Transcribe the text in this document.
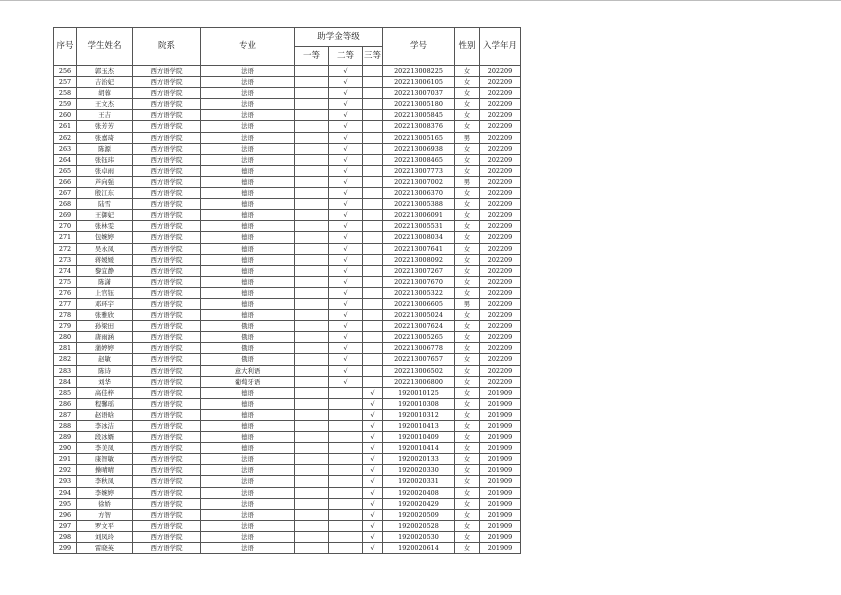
序号	学生姓名	院系	专业	助学金等级			学号	性别	入学年月
				一等	二等	三等			
256	郭玉杰	西方语学院	法语		√		202213008225	女	202209
257	吉治妃	西方语学院	法语		√		202213006105	女	202209
258	胡蓉	西方语学院	法语		√		202213007037	女	202209
259	王文杰	西方语学院	法语		√		202213005180	女	202209
260	王吉	西方语学院	法语		√		202213005845	女	202209
261	张芳芳	西方语学院	法语		√		202213008376	女	202209
262	张嘉琦	西方语学院	法语		√		202213005165	男	202209
263	陈源	西方语学院	法语		√		202213006938	女	202209
264	张钰玮	西方语学院	法语		√		202213008465	女	202209
265	张卓雨	西方语学院	德语		√		202213007773	女	202209
266	芦向强	西方语学院	德语		√		202213007002	男	202209
267	殷江东	西方语学院	德语		√		202213006370	女	202209
268	陆雪	西方语学院	德语		√		202213005388	女	202209
269	王御妃	西方语学院	德语		√		202213006091	女	202209
270	张林雯	西方语学院	德语		√		202213005531	女	202209
271	包婉婷	西方语学院	德语		√		202213008034	女	202209
272	吴永凤	西方语学院	德语		√		202213007641	女	202209
273	蒋媛媛	西方语学院	德语		√		202213008092	女	202209
274	黎宜静	西方语学院	德语		√		202213007267	女	202209
275	陈潇	西方语学院	德语		√		202213007670	女	202209
276	上官钰	西方语学院	德语		√		202213005322	女	202209
277	邓环宇	西方语学院	德语		√		202213006605	男	202209
278	张雅欣	西方语学院	德语		√		202213005024	女	202209
279	孙梁田	西方语学院	俄语		√		202213007624	女	202209
280	唐雨涵	西方语学院	俄语		√		202213005265	女	202209
281	蒲婷婷	西方语学院	俄语		√		202213006778	女	202209
282	赵敏	西方语学院	俄语		√		202213007657	女	202209
283	陈诗	西方语学院	意大利语		√		202213006502	女	202209
284	刘华	西方语学院	葡萄牙语		√		202213006800	女	202209
285	高佳梓	西方语学院	德语			√	1920010125	女	201909
286	程馨瑶	西方语学院	德语			√	1920010308	女	201909
287	赵语晗	西方语学院	德语			√	1920010312	女	201909
288	李冰洁	西方语学院	德语			√	1920010413	女	201909
289	段冰婿	西方语学院	德语			√	1920010409	女	201909
290	李美凤	西方语学院	德语			√	1920010414	女	201909
291	康智敏	西方语学院	法语			√	1920020133	女	201909
292	操晴晴	西方语学院	法语			√	1920020330	女	201909
293	李秋凤	西方语学院	法语			√	1920020331	女	201909
294	李婉婷	西方语学院	法语			√	1920020408	女	201909
295	徐娇	西方语学院	法语			√	1920020429	女	201909
296	方智	西方语学院	法语			√	1920020509	女	201909
297	罗文平	西方语学院	法语			√	1920020528	女	201909
298	刘凤玲	西方语学院	法语			√	1920020530	女	201909
299	雷晓英	西方语学院	法语			√	1920020614	女	201909
